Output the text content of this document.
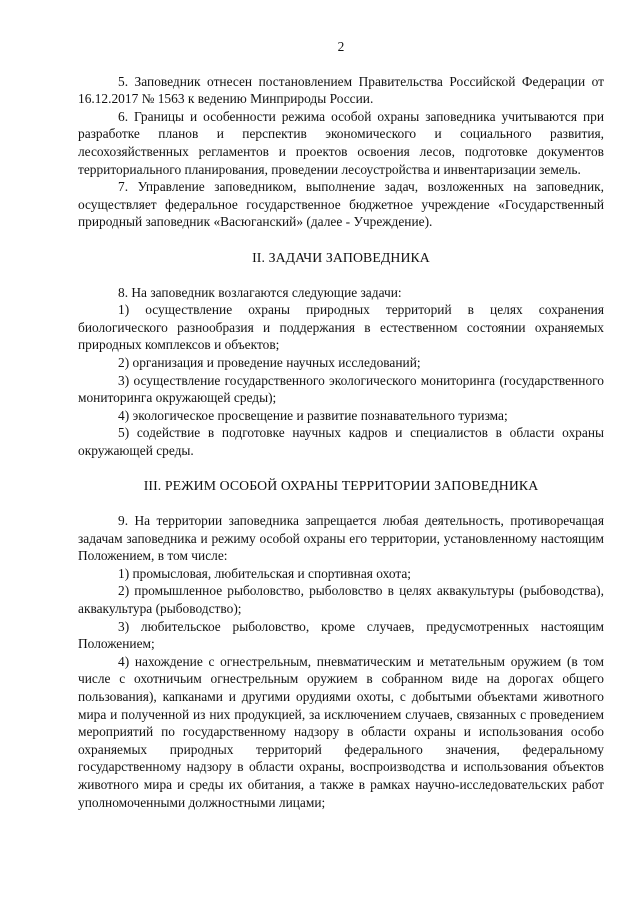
2

5. Заповедник отнесен постановлением Правительства Российской Федерации от 16.12.2017 № 1563 к ведению Минприроды России.

6. Границы и особенности режима особой охраны заповедника учитываются при разработке планов и перспектив экономического и социального развития, лесохозяйственных регламентов и проектов освоения лесов, подготовке документов территориального планирования, проведении лесоустройства и инвентаризации земель.

7. Управление заповедником, выполнение задач, возложенных на заповедник, осуществляет федеральное государственное бюджетное учреждение «Государственный природный заповедник «Васюганский» (далее - Учреждение).

II. ЗАДАЧИ ЗАПОВЕДНИКА

8. На заповедник возлагаются следующие задачи:

1) осуществление охраны природных территорий в целях сохранения биологического разнообразия и поддержания в естественном состоянии охраняемых природных комплексов и объектов;

2) организация и проведение научных исследований;

3) осуществление государственного экологического мониторинга (государственного мониторинга окружающей среды);

4) экологическое просвещение и развитие познавательного туризма;

5) содействие в подготовке научных кадров и специалистов в области охраны окружающей среды.

III. РЕЖИМ ОСОБОЙ ОХРАНЫ ТЕРРИТОРИИ ЗАПОВЕДНИКА

9. На территории заповедника запрещается любая деятельность, противоречащая задачам заповедника и режиму особой охраны его территории, установленному настоящим Положением, в том числе:

1) промысловая, любительская и спортивная охота;

2) промышленное рыболовство, рыболовство в целях аквакультуры (рыбоводства), аквакультура (рыбоводство);

3) любительское рыболовство, кроме случаев, предусмотренных настоящим Положением;

4) нахождение с огнестрельным, пневматическим и метательным оружием (в том числе с охотничьим огнестрельным оружием в собранном виде на дорогах общего пользования), капканами и другими орудиями охоты, с добытыми объектами животного мира и полученной из них продукцией, за исключением случаев, связанных с проведением мероприятий по государственному надзору в области охраны и использования особо охраняемых природных территорий федерального значения, федеральному государственному надзору в области охраны, воспроизводства и использования объектов животного мира и среды их обитания, а также в рамках научно-исследовательских работ уполномоченными должностными лицами;
